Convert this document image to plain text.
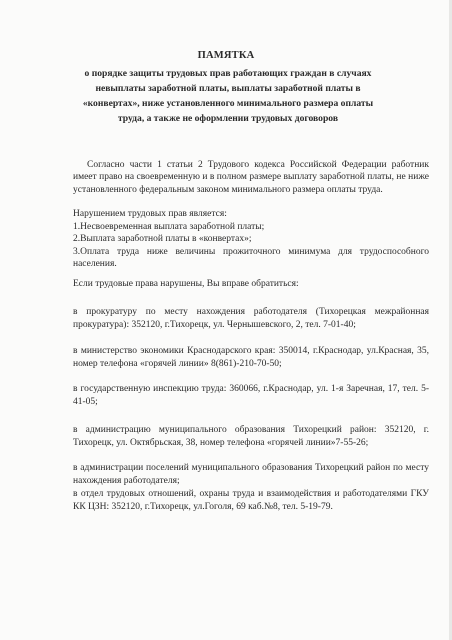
ПАМЯТКА

о порядке защиты трудовых прав работающих граждан в случаях невыплаты заработной платы, выплаты заработной платы в «конвертах», ниже установленного минимального размера оплаты труда, а также не оформлении трудовых договоров

Согласно части 1 статьи 2 Трудового кодекса Российской Федерации работник имеет право на своевременную и в полном размере выплату заработной платы, не ниже установленного федеральным законом минимального размера оплаты труда.

Нарушением трудовых прав является:
1.Несвоевременная выплата заработной платы;
2.Выплата заработной платы в «конвертах»;
3.Оплата труда ниже величины прожиточного минимума для трудоспособного населения.

Если трудовые права нарушены, Вы вправе обратиться:

в прокуратуру по месту нахождения работодателя (Тихорецкая межрайонная прокуратура): 352120, г.Тихорецк, ул. Чернышевского, 2, тел. 7-01-40;

в министерство экономики Краснодарского края: 350014, г.Краснодар, ул.Красная, 35, номер телефона «горячей линии» 8(861)-210-70-50;

в государственную инспекцию труда: 360066, г.Краснодар, ул. 1-я Заречная, 17, тел. 5-41-05;

в администрацию муниципального образования Тихорецкий район: 352120, г. Тихорецк, ул. Октябрьская, 38, номер телефона «горячей линии»7-55-26;

в администрации поселений муниципального образования Тихорецкий район по месту нахождения работодателя;

в отдел трудовых отношений, охраны труда и взаимодействия и работодателями ГКУ КК ЦЗН: 352120, г.Тихорецк, ул.Гоголя, 69 каб.№8, тел. 5-19-79.
